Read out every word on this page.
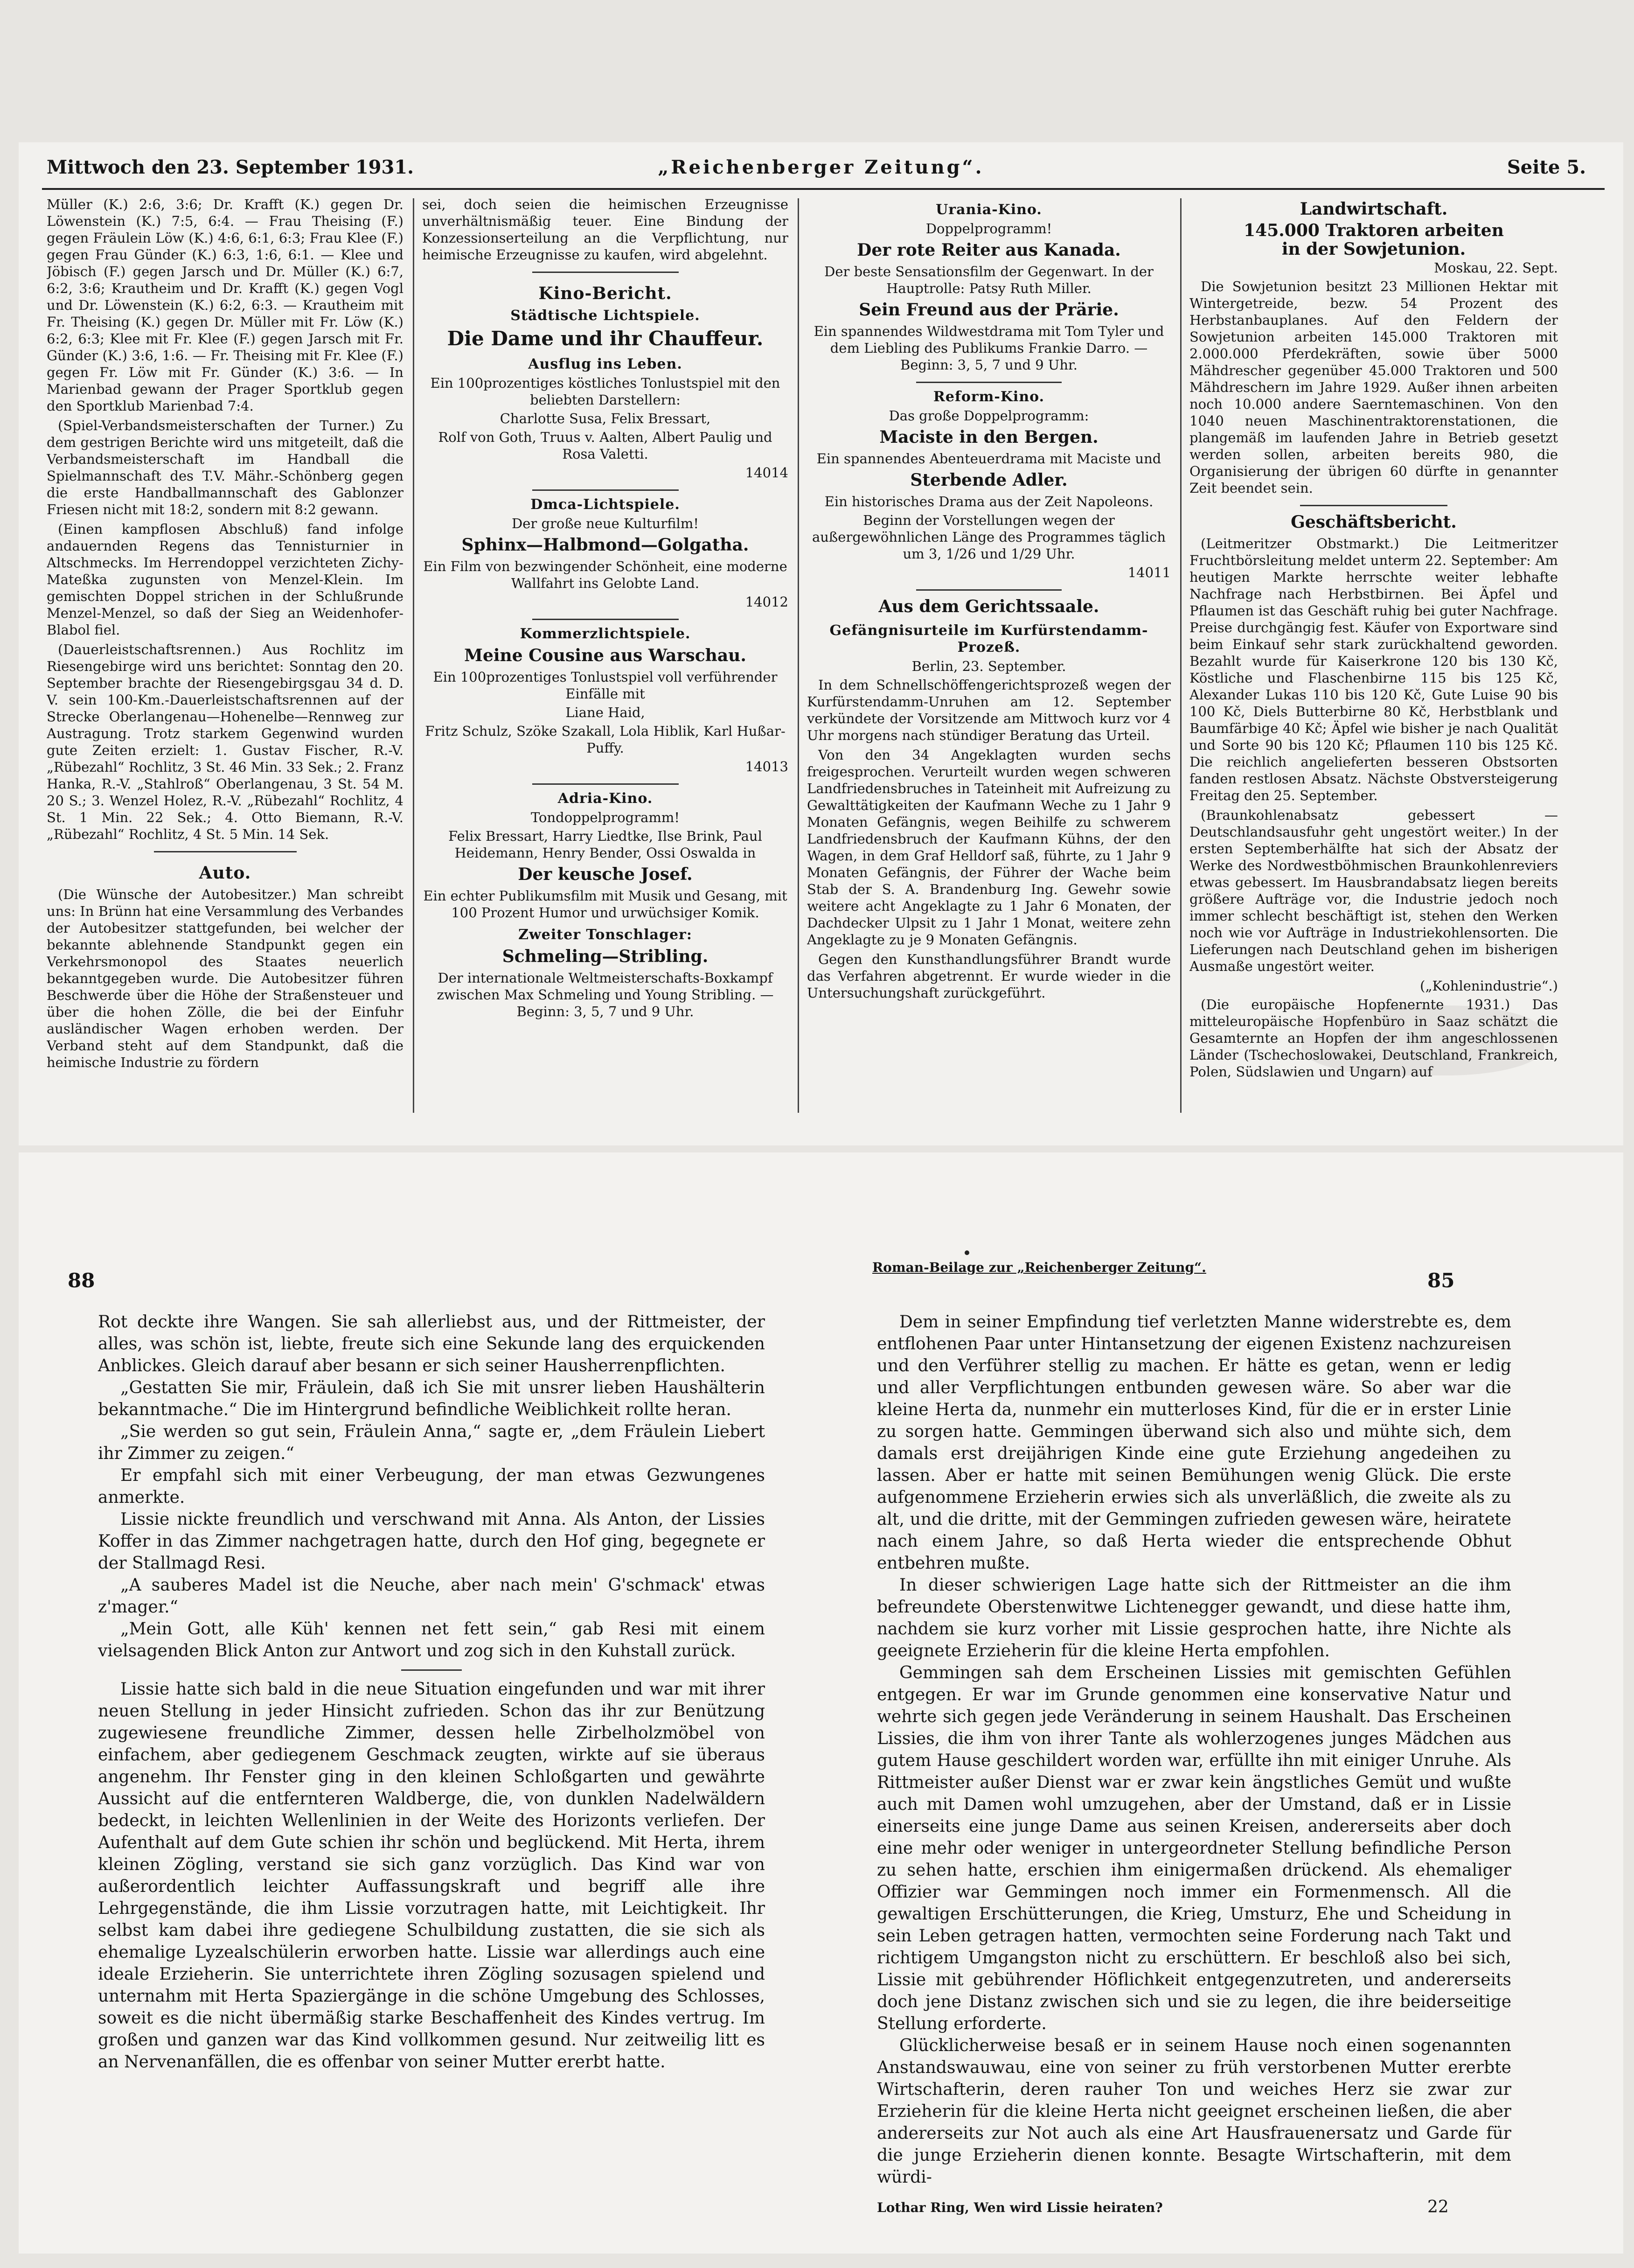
Mittwoch den 23. September 1931.	„Reichenberger Zeitung“.	Seite 5.

Müller (K.) 2:6, 3:6; Dr. Krafft (K.) gegen Dr. Löwenstein (K.) 7:5, 6:4. — Frau Theising (F.) gegen Fräulein Löw (K.) 4:6, 6:1, 6:3; Frau Klee (F.) gegen Frau Günder (K.) 6:3, 1:6, 6:1. — Klee und Jöbisch (F.) gegen Jarsch und Dr. Müller (K.) 6:7, 6:2, 3:6; Krautheim und Dr. Krafft (K.) gegen Vogl und Dr. Löwenstein (K.) 6:2, 6:3. — Krautheim mit Fr. Theising (K.) gegen Dr. Müller mit Fr. Löw (K.) 6:2, 6:3; Klee mit Fr. Klee (F.) gegen Jarsch mit Fr. Günder (K.) 3:6, 1:6. — Fr. Theising mit Fr. Klee (F.) gegen Fr. Löw mit Fr. Günder (K.) 3:6. — In Marienbad gewann der Prager Sportklub gegen den Sportklub Marienbad 7:4.

(Spiel-Verbandsmeisterschaften der Turner.) Zu dem gestrigen Berichte wird uns mitgeteilt, daß die Verbandsmeisterschaft im Handball die Spielmannschaft des T.V. Mähr.-Schönberg gegen die erste Handballmannschaft des Gablonzer Friesen nicht mit 18:2, sondern mit 8:2 gewann.

(Einen kampflosen Abschluß) fand infolge andauernden Regens das Tennisturnier in Altschmecks. Im Herrendoppel verzichteten Zichy-Mateßka zugunsten von Menzel-Klein. Im gemischten Doppel strichen in der Schlußrunde Menzel-Menzel, so daß der Sieg an Weidenhofer-Blabol fiel.

(Dauerleistschaftsrennen.) Aus Rochlitz im Riesengebirge wird uns berichtet: Sonntag den 20. September brachte der Riesengebirgsgau 34 d. D. V. sein 100-Km.-Dauerleistschaftsrennen auf der Strecke Oberlangenau—Hohenelbe—Rennweg zur Austragung. Trotz starkem Gegenwind wurden gute Zeiten erzielt: 1. Gustav Fischer, R.-V. „Rübezahl“ Rochlitz, 3 St. 46 Min. 33 Sek.; 2. Franz Hanka, R.-V. „Stahlroß“ Oberlangenau, 3 St. 54 M. 20 S.; 3. Wenzel Holez, R.-V. „Rübezahl“ Rochlitz, 4 St. 1 Min. 22 Sek.; 4. Otto Biemann, R.-V. „Rübezahl“ Rochlitz, 4 St. 5 Min. 14 Sek.

Auto.

(Die Wünsche der Autobesitzer.) Man schreibt uns: In Brünn hat eine Versammlung des Verbandes der Autobesitzer stattgefunden, bei welcher der bekannte ablehnende Standpunkt gegen ein Verkehrsmonopol des Staates neuerlich bekanntgegeben wurde. Die Autobesitzer führen Beschwerde über die Höhe der Straßensteuer und über die hohen Zölle, die bei der Einfuhr ausländischer Wagen erhoben werden. Der Verband steht auf dem Standpunkt, daß die heimische Industrie zu fördern

sei, doch seien die heimischen Erzeugnisse unverhältnismäßig teuer. Eine Bindung der Konzessionserteilung an die Verpflichtung, nur heimische Erzeugnisse zu kaufen, wird abgelehnt.

Kino-Bericht.
Städtische Lichtspiele.
Die Dame und ihr Chauffeur.
Ausflug ins Leben.
Ein 100prozentiges köstliches Tonlustspiel mit den beliebten Darstellern:
Charlotte Susa, Felix Bressart,
Rolf von Goth, Truus v. Aalten, Albert Paulig und Rosa Valetti.
14014
Dmca-Lichtspiele.
Der große neue Kulturfilm!
Sphinx—Halbmond—Golgatha.
Ein Film von bezwingender Schönheit, eine moderne Wallfahrt ins Gelobte Land.
14012
Kommerzlichtspiele.
Meine Cousine aus Warschau.
Ein 100prozentiges Tonlustspiel voll verführender Einfälle mit
Liane Haid,
Fritz Schulz, Szöke Szakall, Lola Hiblik, Karl Hußar-Puffy.
14013
Adria-Kino.
Tondoppelprogramm!
Felix Bressart, Harry Liedtke, Ilse Brink, Paul Heidemann, Henry Bender, Ossi Oswalda in
Der keusche Josef.
Ein echter Publikumsfilm mit Musik und Gesang, mit 100 Prozent Humor und urwüchsiger Komik.
Zweiter Tonschlager:
Schmeling—Stribling.
Der internationale Weltmeisterschafts-Boxkampf zwischen Max Schmeling und Young Stribling. — Beginn: 3, 5, 7 und 9 Uhr.
Urania-Kino.
Doppelprogramm!
Der rote Reiter aus Kanada.
Der beste Sensationsfilm der Gegenwart. In der Hauptrolle: Patsy Ruth Miller.
Sein Freund aus der Prärie.
Ein spannendes Wildwestdrama mit Tom Tyler und dem Liebling des Publikums Frankie Darro. — Beginn: 3, 5, 7 und 9 Uhr.
Reform-Kino.
Das große Doppelprogramm:
Maciste in den Bergen.
Ein spannendes Abenteuerdrama mit Maciste und
Sterbende Adler.
Ein historisches Drama aus der Zeit Napoleons.
Beginn der Vorstellungen wegen der außergewöhnlichen Länge des Programmes täglich um 3, 1/26 und 1/29 Uhr.
14011
Aus dem Gerichtssaale.
Gefängnisurteile im Kurfürstendamm-Prozeß.
Berlin, 23. September.

In dem Schnellschöffengerichtsprozeß wegen der Kurfürstendamm-Unruhen am 12. September verkündete der Vorsitzende am Mittwoch kurz vor 4 Uhr morgens nach stündiger Beratung das Urteil.

Von den 34 Angeklagten wurden sechs freigesprochen. Verurteilt wurden wegen schweren Landfriedensbruches in Tateinheit mit Aufreizung zu Gewalttätigkeiten der Kaufmann Weche zu 1 Jahr 9 Monaten Gefängnis, wegen Beihilfe zu schwerem Landfriedensbruch der Kaufmann Kühns, der den Wagen, in dem Graf Helldorf saß, führte, zu 1 Jahr 9 Monaten Gefängnis, der Führer der Wache beim Stab der S. A. Brandenburg Ing. Gewehr sowie weitere acht Angeklagte zu 1 Jahr 6 Monaten, der Dachdecker Ulpsit zu 1 Jahr 1 Monat, weitere zehn Angeklagte zu je 9 Monaten Gefängnis.

Gegen den Kunsthandlungsführer Brandt wurde das Verfahren abgetrennt. Er wurde wieder in die Untersuchungshaft zurückgeführt.

Landwirtschaft.
145.000 Traktoren arbeiten
in der Sowjetunion.
Moskau, 22. Sept.

Die Sowjetunion besitzt 23 Millionen Hektar mit Wintergetreide, bezw. 54 Prozent des Herbstanbauplanes. Auf den Feldern der Sowjetunion arbeiten 145.000 Traktoren mit 2.000.000 Pferdekräften, sowie über 5000 Mähdrescher gegenüber 45.000 Traktoren und 500 Mähdreschern im Jahre 1929. Außer ihnen arbeiten noch 10.000 andere Saerntemaschinen. Von den 1040 neuen Maschinentraktorenstationen, die plangemäß im laufenden Jahre in Betrieb gesetzt werden sollen, arbeiten bereits 980, die Organisierung der übrigen 60 dürfte in genannter Zeit beendet sein.

Geschäftsbericht.

(Leitmeritzer Obstmarkt.) Die Leitmeritzer Fruchtbörsleitung meldet unterm 22. September: Am heutigen Markte herrschte weiter lebhafte Nachfrage nach Herbstbirnen. Bei Äpfel und Pflaumen ist das Geschäft ruhig bei guter Nachfrage. Preise durchgängig fest. Käufer von Exportware sind beim Einkauf sehr stark zurückhaltend geworden. Bezahlt wurde für Kaiserkrone 120 bis 130 Kč, Köstliche und Flaschenbirne 115 bis 125 Kč, Alexander Lukas 110 bis 120 Kč, Gute Luise 90 bis 100 Kč, Diels Butterbirne 80 Kč, Herbstblank und Baumfärbige 40 Kč; Äpfel wie bisher je nach Qualität und Sorte 90 bis 120 Kč; Pflaumen 110 bis 125 Kč. Die reichlich angelieferten besseren Obstsorten fanden restlosen Absatz. Nächste Obstversteigerung Freitag den 25. September.

(Braunkohlenabsatz gebessert — Deutschlandsausfuhr geht ungestört weiter.) In der ersten Septemberhälfte hat sich der Absatz der Werke des Nordwestböhmischen Braunkohlenreviers etwas gebessert. Im Hausbrandabsatz liegen bereits größere Aufträge vor, die Industrie jedoch noch immer schlecht beschäftigt ist, stehen den Werken noch wie vor Aufträge in Industriekohlensorten. Die Lieferungen nach Deutschland gehen im bisherigen Ausmaße ungestört weiter.

(„Kohlenindustrie“.)

(Die europäische Hopfenernte 1931.) Das mitteleuropäische Hopfenbüro in Saaz schätzt die Gesamternte an Hopfen der ihm angeschlossenen Länder (Tschechoslowakei, Deutschland, Frankreich, Polen, Südslawien und Ungarn) auf

88

Rot deckte ihre Wangen. Sie sah allerliebst aus, und der Rittmeister, der alles, was schön ist, liebte, freute sich eine Sekunde lang des erquickenden Anblickes. Gleich darauf aber besann er sich seiner Hausherrenpflichten.

„Gestatten Sie mir, Fräulein, daß ich Sie mit unsrer lieben Haushälterin bekanntmache.“ Die im Hintergrund befindliche Weiblichkeit rollte heran.

„Sie werden so gut sein, Fräulein Anna,“ sagte er, „dem Fräulein Liebert ihr Zimmer zu zeigen.“

Er empfahl sich mit einer Verbeugung, der man etwas Gezwungenes anmerkte.

Lissie nickte freundlich und verschwand mit Anna. Als Anton, der Lissies Koffer in das Zimmer nachgetragen hatte, durch den Hof ging, begegnete er der Stallmagd Resi.

„A sauberes Madel ist die Neuche, aber nach mein' G'schmack' etwas z'mager.“

„Mein Gott, alle Küh' kennen net fett sein,“ gab Resi mit einem vielsagenden Blick Anton zur Antwort und zog sich in den Kuhstall zurück.

Lissie hatte sich bald in die neue Situation eingefunden und war mit ihrer neuen Stellung in jeder Hinsicht zufrieden. Schon das ihr zur Benützung zugewiesene freundliche Zimmer, dessen helle Zirbelholzmöbel von einfachem, aber gediegenem Geschmack zeugten, wirkte auf sie überaus angenehm. Ihr Fenster ging in den kleinen Schloßgarten und gewährte Aussicht auf die entfernteren Waldberge, die, von dunklen Nadelwäldern bedeckt, in leichten Wellenlinien in der Weite des Horizonts verliefen. Der Aufenthalt auf dem Gute schien ihr schön und beglückend. Mit Herta, ihrem kleinen Zögling, verstand sie sich ganz vorzüglich. Das Kind war von außerordentlich leichter Auffassungskraft und begriff alle ihre Lehrgegenstände, die ihm Lissie vorzutragen hatte, mit Leichtigkeit. Ihr selbst kam dabei ihre gediegene Schulbildung zustatten, die sie sich als ehemalige Lyzealschülerin erworben hatte. Lissie war allerdings auch eine ideale Erzieherin. Sie unterrichtete ihren Zögling sozusagen spielend und unternahm mit Herta Spaziergänge in die schöne Umgebung des Schlosses, soweit es die nicht übermäßig starke Beschaffenheit des Kindes vertrug. Im großen und ganzen war das Kind vollkommen gesund. Nur zeitweilig litt es an Nervenanfällen, die es offenbar von seiner Mutter ererbt hatte.

Roman-Beilage zur „Reichenberger Zeitung“.
85

Dem in seiner Empfindung tief verletzten Manne widerstrebte es, dem entflohenen Paar unter Hintansetzung der eigenen Existenz nachzureisen und den Verführer stellig zu machen. Er hätte es getan, wenn er ledig und aller Verpflichtungen entbunden gewesen wäre. So aber war die kleine Herta da, nunmehr ein mutterloses Kind, für die er in erster Linie zu sorgen hatte. Gemmingen überwand sich also und mühte sich, dem damals erst dreijährigen Kinde eine gute Erziehung angedeihen zu lassen. Aber er hatte mit seinen Bemühungen wenig Glück. Die erste aufgenommene Erzieherin erwies sich als unverläßlich, die zweite als zu alt, und die dritte, mit der Gemmingen zufrieden gewesen wäre, heiratete nach einem Jahre, so daß Herta wieder die entsprechende Obhut entbehren mußte.

In dieser schwierigen Lage hatte sich der Rittmeister an die ihm befreundete Oberstenwitwe Lichtenegger gewandt, und diese hatte ihm, nachdem sie kurz vorher mit Lissie gesprochen hatte, ihre Nichte als geeignete Erzieherin für die kleine Herta empfohlen.

Gemmingen sah dem Erscheinen Lissies mit gemischten Gefühlen entgegen. Er war im Grunde genommen eine konservative Natur und wehrte sich gegen jede Veränderung in seinem Haushalt. Das Erscheinen Lissies, die ihm von ihrer Tante als wohlerzogenes junges Mädchen aus gutem Hause geschildert worden war, erfüllte ihn mit einiger Unruhe. Als Rittmeister außer Dienst war er zwar kein ängstliches Gemüt und wußte auch mit Damen wohl umzugehen, aber der Umstand, daß er in Lissie einerseits eine junge Dame aus seinen Kreisen, andererseits aber doch eine mehr oder weniger in untergeordneter Stellung befindliche Person zu sehen hatte, erschien ihm einigermaßen drückend. Als ehemaliger Offizier war Gemmingen noch immer ein Formenmensch. All die gewaltigen Erschütterungen, die Krieg, Umsturz, Ehe und Scheidung in sein Leben getragen hatten, vermochten seine Forderung nach Takt und richtigem Umgangston nicht zu erschüttern. Er beschloß also bei sich, Lissie mit gebührender Höflichkeit entgegenzutreten, und andererseits doch jene Distanz zwischen sich und sie zu legen, die ihre beiderseitige Stellung erforderte.

Glücklicherweise besaß er in seinem Hause noch einen sogenannten Anstandswauwau, eine von seiner zu früh verstorbenen Mutter ererbte Wirtschafterin, deren rauher Ton und weiches Herz sie zwar zur Erzieherin für die kleine Herta nicht geeignet erscheinen ließen, die aber andererseits zur Not auch als eine Art Hausfrauenersatz und Garde für die junge Erzieherin dienen konnte. Besagte Wirtschafterin, mit dem würdi-

Lothar Ring, Wen wird Lissie heiraten?	22
